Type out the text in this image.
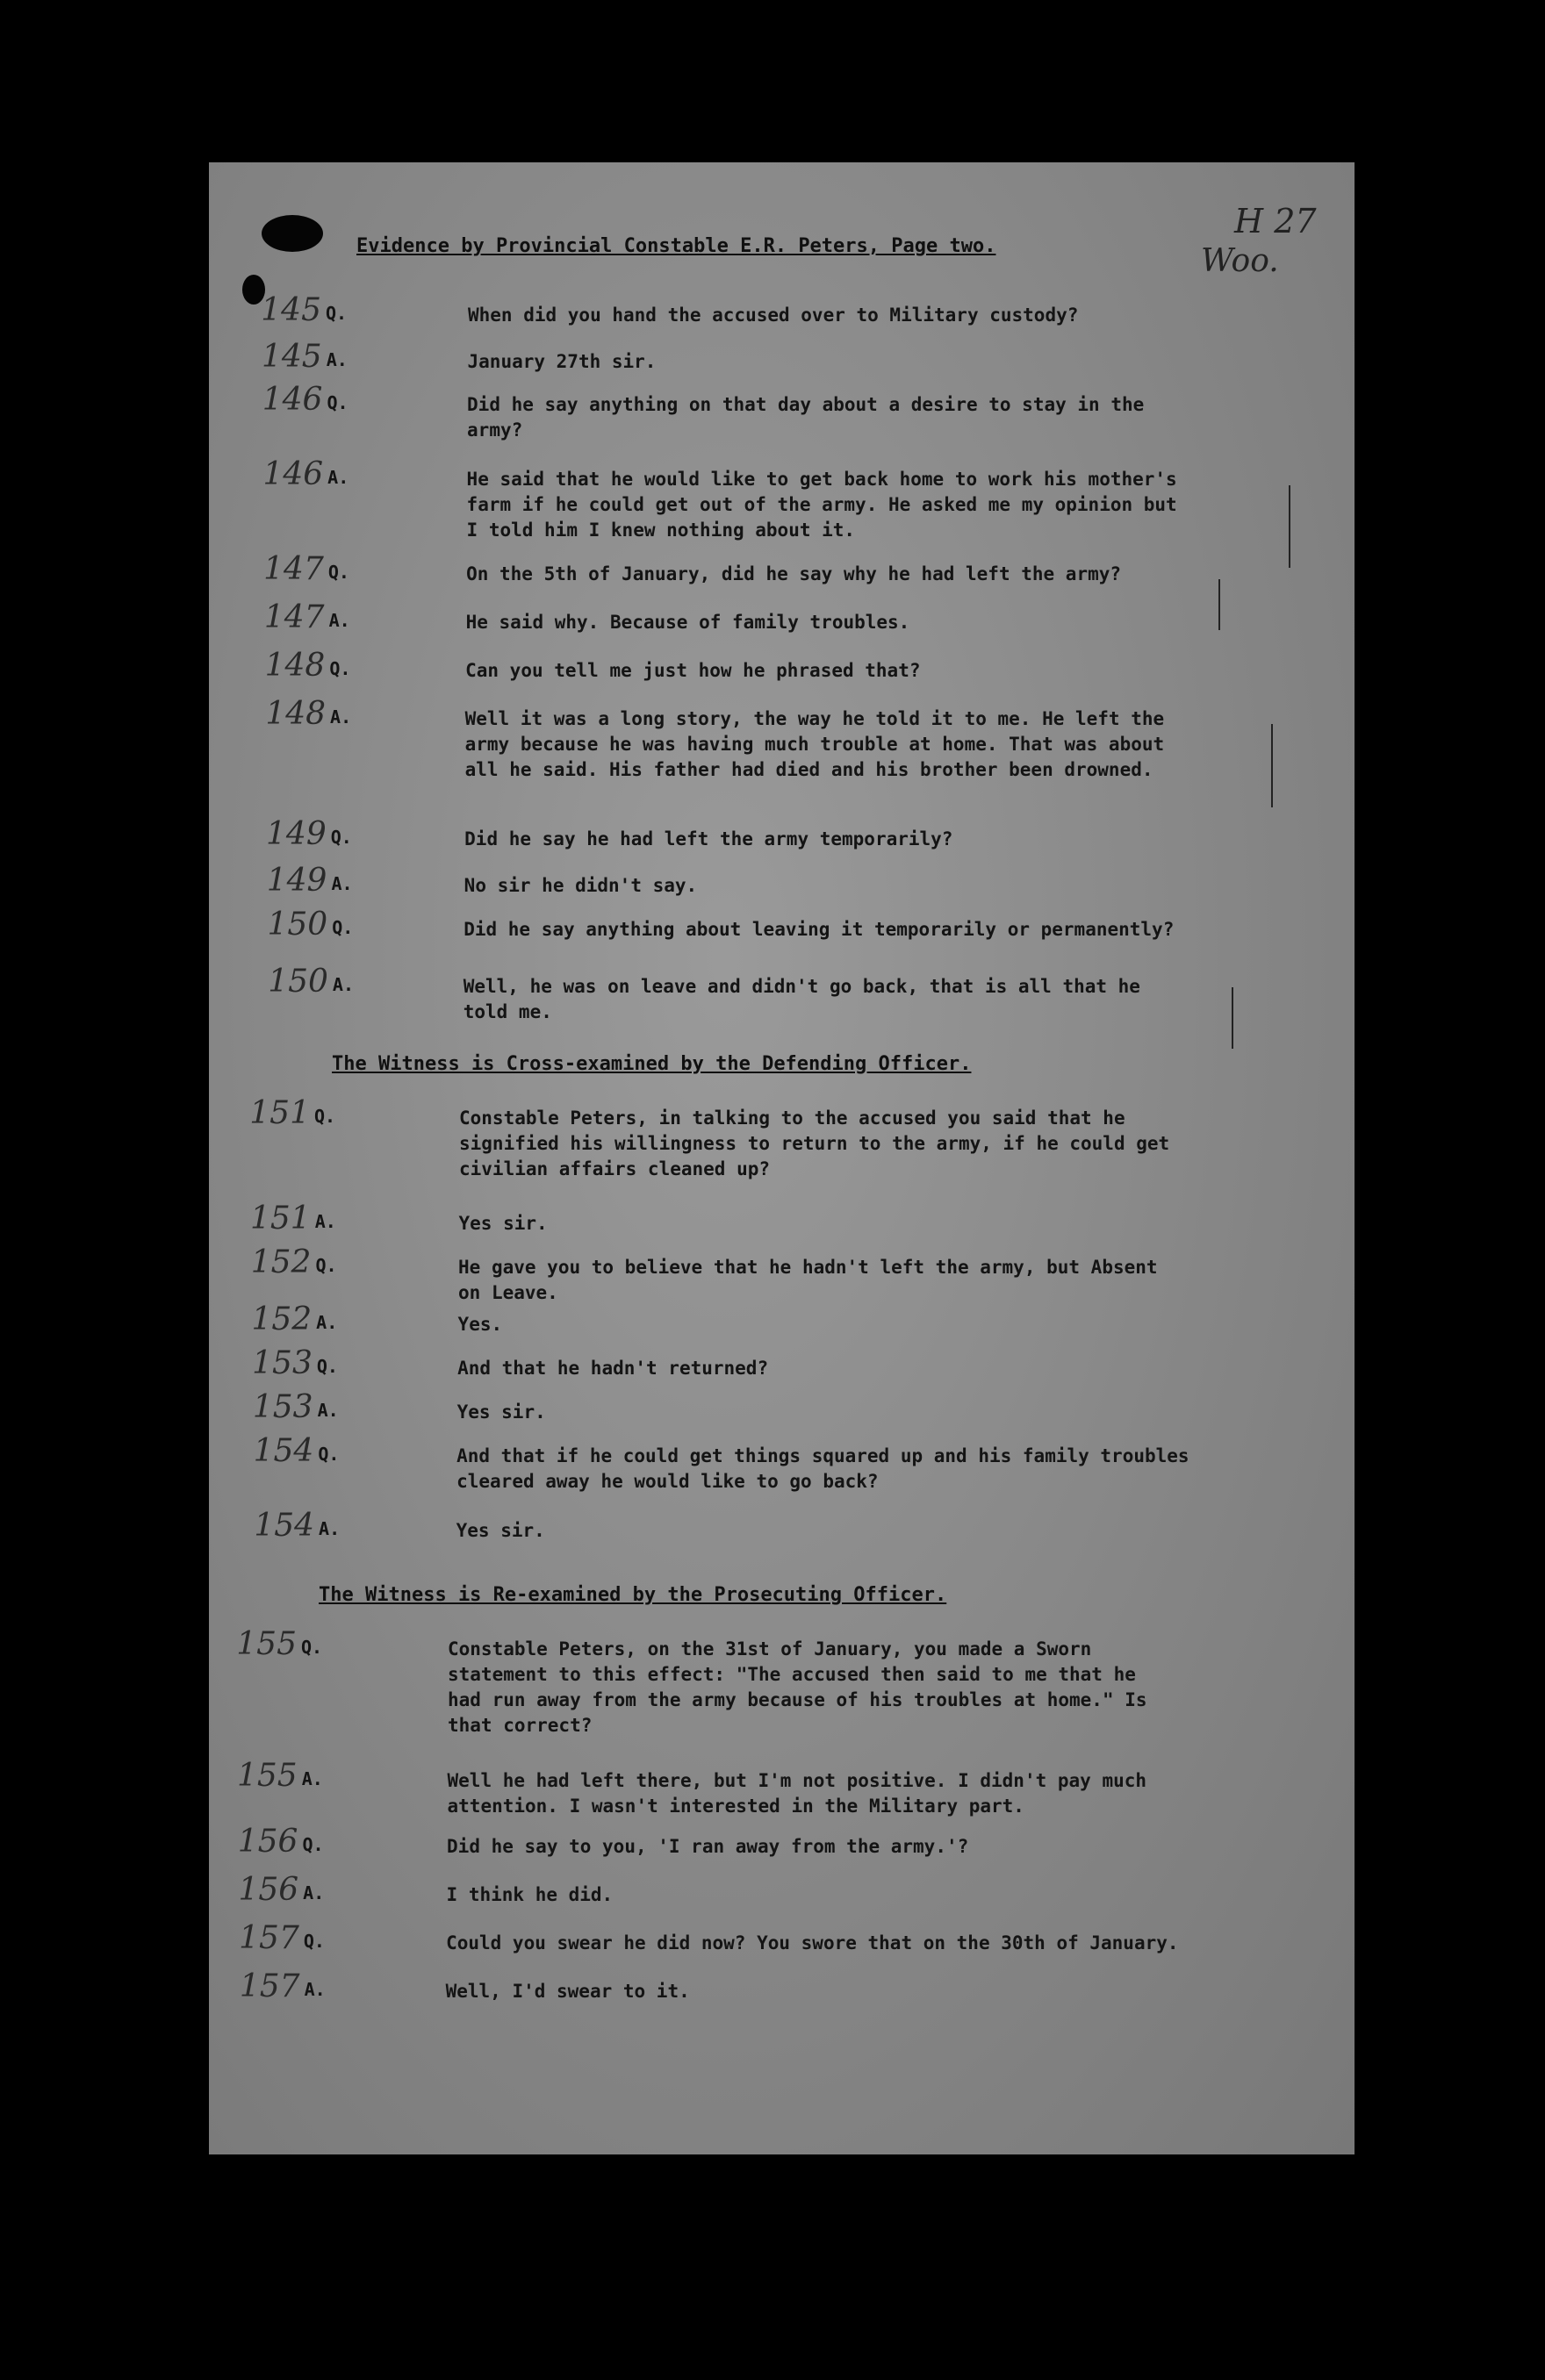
Evidence by Provincial Constable E.R. Peters, Page two.
H 27
Woo.
145 Q.	When did you hand the accused over to Military custody?
145 A.	January 27th sir.
146 Q.	Did he say anything on that day about a desire to stay in the
army?
146 A.	He said that he would like to get back home to work his mother's
farm if he could get out of the army. He asked me my opinion but
I told him I knew nothing about it.
147 Q.	On the 5th of January, did he say why he had left the army?
147 A.	He said why. Because of family troubles.
148 Q.	Can you tell me just how he phrased that?
148 A.	Well it was a long story, the way he told it to me. He left the
army because he was having much trouble at home. That was about
all he said. His father had died and his brother been drowned.
149 Q.	Did he say he had left the army temporarily?
149 A.	No sir he didn't say.
150 Q.	Did he say anything about leaving it temporarily or permanently?
150 A.	Well, he was on leave and didn't go back, that is all that he
told me.
The Witness is Cross-examined by the Defending Officer.
151 Q.	Constable Peters, in talking to the accused you said that he
signified his willingness to return to the army, if he could get
civilian affairs cleaned up?
151 A.	Yes sir.
152 Q.	He gave you to believe that he hadn't left the army, but Absent
on Leave.
152 A.	Yes.
153 Q.	And that he hadn't returned?
153 A.	Yes sir.
154 Q.	And that if he could get things squared up and his family troubles
cleared away he would like to go back?
154 A.	Yes sir.
The Witness is Re-examined by the Prosecuting Officer.
155 Q.	Constable Peters, on the 31st of January, you made a Sworn
statement to this effect: "The accused then said to me that he
had run away from the army because of his troubles at home." Is
that correct?
155 A.	Well he had left there, but I'm not positive. I didn't pay much
attention. I wasn't interested in the Military part.
156 Q.	Did he say to you, 'I ran away from the army.'?
156 A.	I think he did.
157 Q.	Could you swear he did now? You swore that on the 30th of January.
157 A.	Well, I'd swear to it.
